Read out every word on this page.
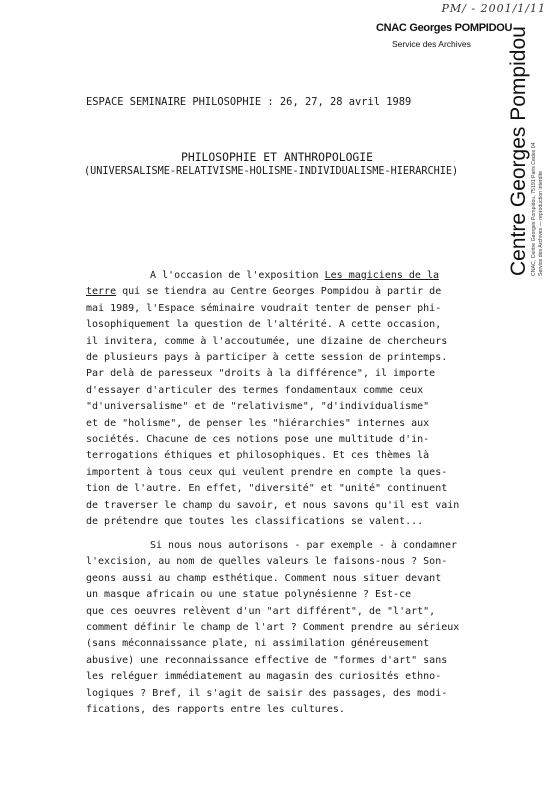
PM/ - 2001/1/11
CNAC Georges POMPIDOU
Service des Archives	Centre Georges Pompidou CNAC, Centre Georges Pompidou, 75191 Paris Cedex 04 Service des Archives — reproduction interdite
ESPACE SEMINAIRE PHILOSOPHIE : 26, 27, 28 avril 1989
PHILOSOPHIE ET ANTHROPOLOGIE
(UNIVERSALISME-RELATIVISME-HOLISME-INDIVIDUALISME-HIERARCHIE)
A l'occasion de l'exposition Les magiciens de la
terre qui se tiendra au Centre Georges Pompidou à partir de
mai 1989, l'Espace séminaire voudrait tenter de penser phi-
losophiquement la question de l'altérité. A cette occasion,
il invitera, comme à l'accoutumée, une dizaine de chercheurs
de plusieurs pays à participer à cette session de printemps.
Par delà de paresseux "droits à la différence", il importe
d'essayer d'articuler des termes fondamentaux comme ceux
"d'universalisme" et de "relativisme", "d'individualisme"
et de "holisme", de penser les "hiérarchies" internes aux
sociétés. Chacune de ces notions pose une multitude d'in-
terrogations éthiques et philosophiques. Et ces thèmes là
importent à tous ceux qui veulent prendre en compte la ques-
tion de l'autre. En effet, "diversité" et "unité" continuent
de traverser le champ du savoir, et nous savons qu'il est vain
de prétendre que toutes les classifications se valent...
Si nous nous autorisons - par exemple - à condamner
l'excision, au nom de quelles valeurs le faisons-nous ? Son-
geons aussi au champ esthétique. Comment nous situer devant
un masque africain ou une statue polynésienne ? Est-ce
que ces oeuvres relèvent d'un "art différent", de "l'art",
comment définir le champ de l'art ? Comment prendre au sérieux
(sans méconnaissance plate, ni assimilation généreusement
abusive) une reconnaissance effective de "formes d'art" sans
les reléguer immédiatement au magasin des curiosités ethno-
logiques ? Bref, il s'agit de saisir des passages, des modi-
fications, des rapports entre les cultures.
